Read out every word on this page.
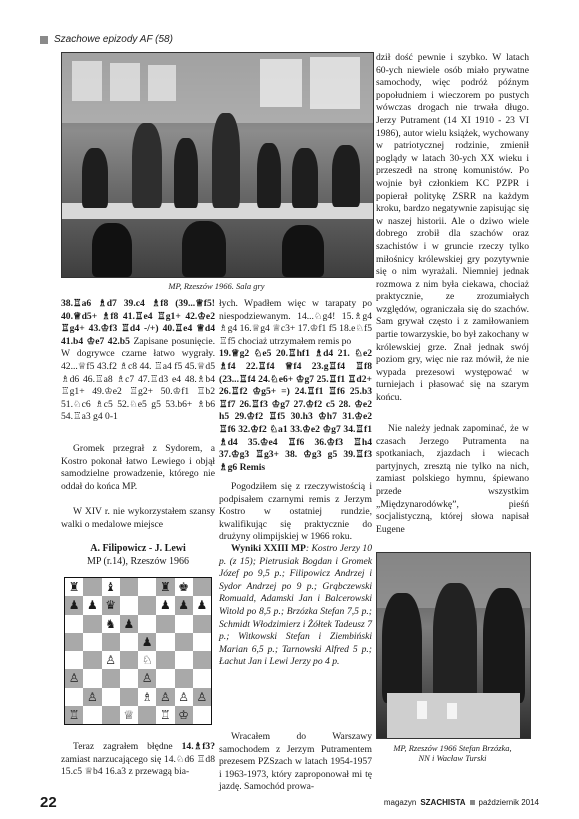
Szachowe epizody AF (58)
MP, Rzeszów 1966. Sala gry

38.♖a6 ♗d7 39.c4 ♗f8 (39...♕f5! 40.♕d5+ ♗f8 41.♖e4 ♖g1+ 42.♔e2 ♖g4+ 43.♔f3 ♖d4 -/+) 40.♖e4 ♕d4 41.b4 ♔e7 42.b5 Zapisane posunięcie. W dogrywce czarne łatwo wygrały. 42...♕f5 43.f2 ♗c8 44. ♖a4 f5 45.♕d5 ♗d6 46.♖a8 ♗c7 47.♖d3 e4 48.♗b4 ♖g1+ 49.♔e2 ♖g2+ 50.♔f1 ♖b2 51.♘c6 ♗c5 52.♘e5 g5 53.b6+ ♗b6 54.♖a3 g4 0-1

Gromek przegrał z Sydorem, a Kostro pokonał łatwo Lewiego i objął samodzielne prowadzenie, którego nie oddał do końca MP.
W XIV r. nie wykorzystałem szansy walki o medalowe miejsce
A. Filipowicz - J. Lewi
MP (r.14), Rzeszów 1966
♜ ♝	♜ ♚
♟ ♟ ♛	♟ ♟ ♟
♞ ♟
♟
♙ ♘
♙	♙
♙	♗ ♙ ♙ ♙
♖	♕ ♖ ♔
Teraz zagrałem błędne 14.♗f3? zamiast narzucającego się 14.♘d6 ♖d8 15.c5 ♕b4 16.a3 z przewagą bia-

łych. Wpadłem więc w tarapaty po niespodziewanym. 14...♘g4! 15.♗g4 ♗g4 16.♕g4 ♕c3+ 17.♔f1 f5 18.e♘f5 ♖f5 chociaż utrzymałem remis po

19.♕g2 ♘e5 20.♖hf1 ♗d4 21. ♘e2 ♗f4 22.♖f4 ♕f4 23.g♖f4 ♖f8 (23...♖f4 24.♘e6+ ♔g7 25.♖f1 ♖d2+ 26.♖f2 ♔g5+ =) 24.♖f1 ♖f6 25.b3 ♖f7 26.♖f3 ♔g7 27.♔f2 c5 28. ♔e2 h5 29.♔f2 ♖f5 30.h3 ♔h7 31.♔e2 ♖f6 32.♔f2 ♘a1 33.♔e2 ♔g7 34.♖f1 ♗d4 35.♔e4 ♖f6 36.♔f3 ♖h4 37.♔g3 ♖g3+ 38. ♔g3 g5 39.♖f3 ♗g6 Remis

Pogodziłem się z rzeczywistością i podpisałem czarnymi remis z Jerzym Kostro w ostatniej rundzie, kwalifikując się praktycznie do drużyny olimpijskiej w 1966 roku.
Wyniki XXIII MP: Kostro Jerzy 10 p. (z 15); Pietrusiak Bogdan i Gromek Józef po 9,5 p.; Filipowicz Andrzej i Sydor Andrzej po 9 p.; Grąbczewski Romuald, Adamski Jan i Balcerowski Witold po 8,5 p.; Brzózka Stefan 7,5 p.; Schmidt Włodzimierz i Żółtek Tadeusz 7 p.; Witkowski Stefan i Ziembiński Marian 6,5 p.; Tarnowski Alfred 5 p.; Łachut Jan i Lewi Jerzy po 4 p.
Wracałem do Warszawy samochodem z Jerzym Putramentem prezesem PZSzach w latach 1954-1957 i 1963-1973, który zaproponował mi tę jazdę. Samochód prowa-

dził dość pewnie i szybko. W latach 60-ych niewiele osób miało prywatne samochody, więc podróż późnym popołudniem i wieczorem po pustych wówczas drogach nie trwała długo. Jerzy Putrament (14 XI 1910 - 23 VI 1986), autor wielu książek, wychowany w patriotycznej rodzinie, zmienił poglądy w latach 30-ych XX wieku i przeszedł na stronę komunistów. Po wojnie był członkiem KC PZPR i popierał politykę ZSRR na każdym kroku, bardzo negatywnie zapisując się w naszej historii. Ale o dziwo wiele dobrego zrobił dla szachów oraz szachistów i w gruncie rzeczy tylko miłośnicy królewskiej gry pozytywnie się o nim wyrażali. Niemniej jednak rozmowa z nim była ciekawa, chociaż praktycznie, ze zrozumiałych względów, ograniczała się do szachów. Sam grywał często i z zamiłowaniem partie towarzyskie, bo był zakochany w królewskiej grze. Znał jednak swój poziom gry, więc nie raz mówił, że nie wypada prezesowi występować w turniejach i płasować się na szarym końcu.

Nie należy jednak zapominać, że w czasach Jerzego Putramenta na spotkaniach, zjazdach i wiecach partyjnych, zresztą nie tylko na nich, zamiast polskiego hymnu, śpiewano przede wszystkim „Międzynarodówkę”, pieśń socjalistyczną, której słowa napisał Eugene
MP, Rzeszów 1966 Stefan Brzózka,
NN i Wacław Turski
22	magazyn SZACHISTA październik 2014
